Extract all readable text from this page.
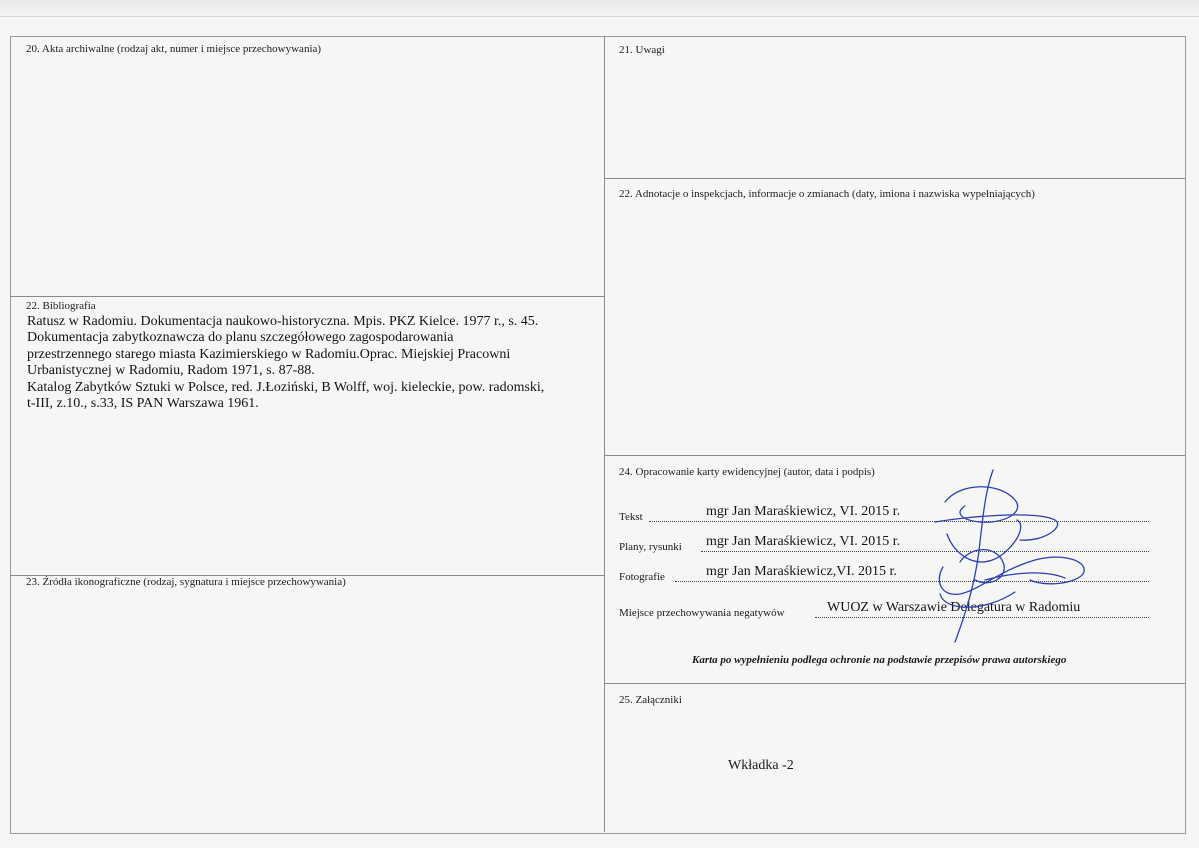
20. Akta archiwalne (rodzaj akt, numer i miejsce przechowywania)	21. Uwagi
22. Adnotacje o inspekcjach, informacje o zmianach (daty, imiona i nazwiska wypełniających)
22. Bibliografia
23. Źródła ikonograficzne (rodzaj, sygnatura i miejsce przechowywania)
24. Opracowanie karty ewidencyjnej (autor, data i podpis)
25. Załączniki
Ratusz w Radomiu. Dokumentacja naukowo-historyczna. Mpis. PKZ Kielce. 1977 r., s. 45.
Dokumentacja zabytkoznawcza do planu szczegółowego zagospodarowania
przestrzennego starego miasta Kazimierskiego w Radomiu.Oprac. Miejskiej Pracowni
Urbanistycznej w Radomiu, Radom 1971, s. 87-88.
Katalog Zabytków Sztuki w Polsce, red. J.Łoziński, B Wolff, woj. kieleckie, pow. radomski,
t-III, z.10., s.33, IS PAN Warszawa 1961.
Tekst	mgr Jan Maraśkiewicz, VI. 2015 r.
Plany, rysunki mgr Jan Maraśkiewicz, VI. 2015 r.
Fotografie	mgr Jan Maraśkiewicz,VI. 2015 r.
Miejsce przechowywania negatywów	WUOZ w Warszawie Delegatura w Radomiu
Karta po wypełnieniu podlega ochronie na podstawie przepisów prawa autorskiego
Wkładka -2
